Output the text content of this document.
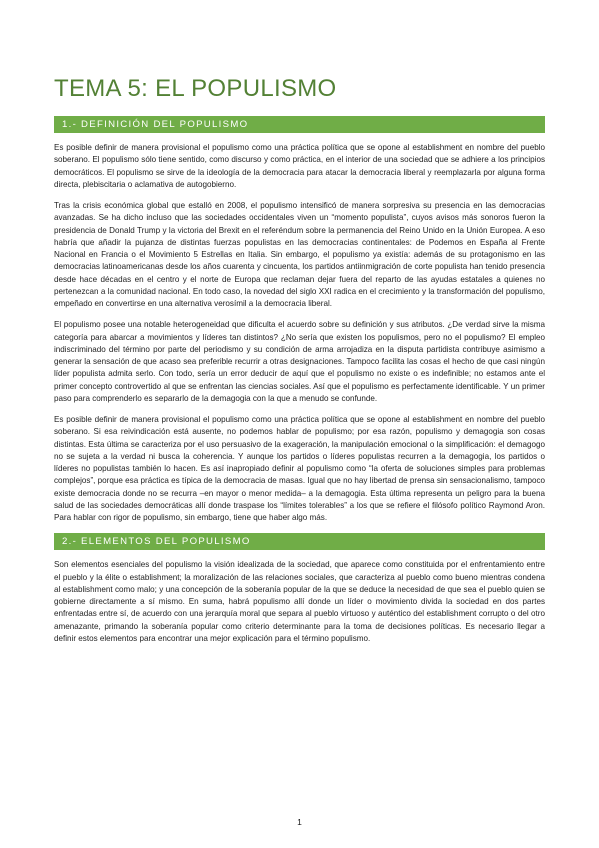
TEMA 5: EL POPULISMO
1.- DEFINICIÓN DEL POPULISMO

Es posible definir de manera provisional el populismo como una práctica política que se opone al establishment en nombre del pueblo soberano. El populismo sólo tiene sentido, como discurso y como práctica, en el interior de una sociedad que se adhiere a los principios democráticos. El populismo se sirve de la ideología de la democracia para atacar la democracia liberal y reemplazarla por alguna forma directa, plebiscitaria o aclamativa de autogobierno.

Tras la crisis económica global que estalló en 2008, el populismo intensificó de manera sorpresiva su presencia en las democracias avanzadas. Se ha dicho incluso que las sociedades occidentales viven un “momento populista”, cuyos avisos más sonoros fueron la presidencia de Donald Trump y la victoria del Brexit en el referéndum sobre la permanencia del Reino Unido en la Unión Europea. A eso habría que añadir la pujanza de distintas fuerzas populistas en las democracias continentales: de Podemos en España al Frente Nacional en Francia o el Movimiento 5 Estrellas en Italia. Sin embargo, el populismo ya existía: además de su protagonismo en las democracias latinoamericanas desde los años cuarenta y cincuenta, los partidos antiinmigración de corte populista han tenido presencia desde hace décadas en el centro y el norte de Europa que reclaman dejar fuera del reparto de las ayudas estatales a quienes no pertenezcan a la comunidad nacional. En todo caso, la novedad del siglo XXI radica en el crecimiento y la transformación del populismo, empeñado en convertirse en una alternativa verosímil a la democracia liberal.

El populismo posee una notable heterogeneidad que dificulta el acuerdo sobre su definición y sus atributos. ¿De verdad sirve la misma categoría para abarcar a movimientos y líderes tan distintos? ¿No sería que existen los populismos, pero no el populismo? El empleo indiscriminado del término por parte del periodismo y su condición de arma arrojadiza en la disputa partidista contribuye asimismo a generar la sensación de que acaso sea preferible recurrir a otras designaciones. Tampoco facilita las cosas el hecho de que casi ningún líder populista admita serlo. Con todo, sería un error deducir de aquí que el populismo no existe o es indefinible; no estamos ante el primer concepto controvertido al que se enfrentan las ciencias sociales. Así que el populismo es perfectamente identificable. Y un primer paso para comprenderlo es separarlo de la demagogia con la que a menudo se confunde.

Es posible definir de manera provisional el populismo como una práctica política que se opone al establishment en nombre del pueblo soberano. Si esa reivindicación está ausente, no podemos hablar de populismo; por esa razón, populismo y demagogia son cosas distintas. Esta última se caracteriza por el uso persuasivo de la exageración, la manipulación emocional o la simplificación: el demagogo no se sujeta a la verdad ni busca la coherencia. Y aunque los partidos o líderes populistas recurren a la demagogia, los partidos o líderes no populistas también lo hacen. Es así inapropiado definir al populismo como “la oferta de soluciones simples para problemas complejos”, porque esa práctica es típica de la democracia de masas. Igual que no hay libertad de prensa sin sensacionalismo, tampoco existe democracia donde no se recurra –en mayor o menor medida– a la demagogia. Esta última representa un peligro para la buena salud de las sociedades democráticas allí donde traspase los “límites tolerables” a los que se refiere el filósofo político Raymond Aron. Para hablar con rigor de populismo, sin embargo, tiene que haber algo más.

2.- ELEMENTOS DEL POPULISMO

Son elementos esenciales del populismo la visión idealizada de la sociedad, que aparece como constituida por el enfrentamiento entre el pueblo y la élite o establishment; la moralización de las relaciones sociales, que caracteriza al pueblo como bueno mientras condena al establishment como malo; y una concepción de la soberanía popular de la que se deduce la necesidad de que sea el pueblo quien se gobierne directamente a sí mismo. En suma, habrá populismo allí donde un líder o movimiento divida la sociedad en dos partes enfrentadas entre sí, de acuerdo con una jerarquía moral que separa al pueblo virtuoso y auténtico del establishment corrupto o del otro amenazante, primando la soberanía popular como criterio determinante para la toma de decisiones políticas. Es necesario llegar a definir estos elementos para encontrar una mejor explicación para el término populismo.

1
